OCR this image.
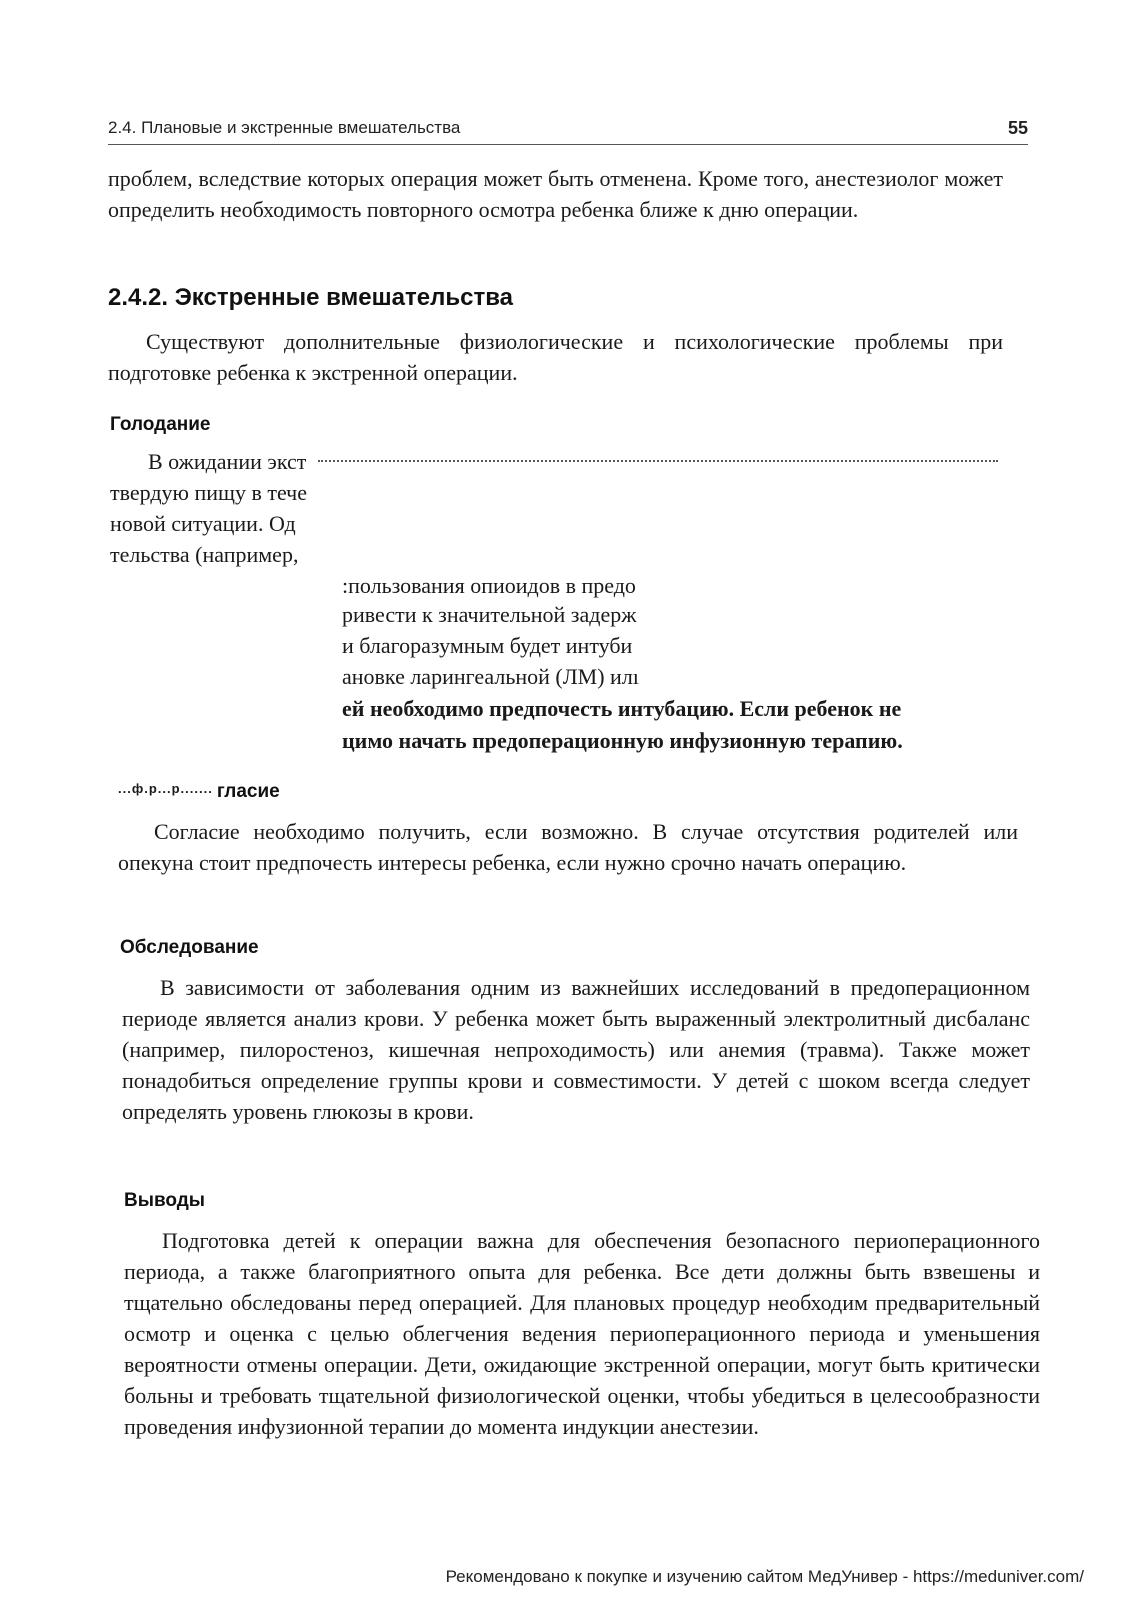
2.4. Плановые и экстренные вмешательства	55
проблем, вследствие которых операция может быть отменена. Кроме того, анестезиолог может определить необходимость повторного осмотра ребенка ближе к дню операции.
2.4.2. Экстренные вмешательства
Существуют дополнительные физиологические и психологические проблемы при подготовке ребенка к экстренной операции.
Голодание
В ожидании экст
твердую пищу в тече
новой ситуации. Од
тельства (например,
:пользования опиоидов в предо
ривести к значительной задерж
и благоразумным будет интуби
ановке ларингеальной (ЛМ) илı
ей необходимо предпочесть интубацию. Если ребенок не
цимо начать предоперационную инфузионную терапию.
$^{...ф.р...р.......}$ гласие
Согласие необходимо получить, если возможно. В случае отсутствия родителей или опекуна стоит предпочесть интересы ребенка, если нужно срочно начать операцию.
Обследование
В зависимости от заболевания одним из важнейших исследований в предоперационном периоде является анализ крови. У ребенка может быть выраженный электролитный дисбаланс (например, пилоростеноз, кишечная непроходимость) или анемия (травма). Также может понадобиться определение группы крови и совместимости. У детей с шоком всегда следует определять уровень глюкозы в крови.
Выводы
Подготовка детей к операции важна для обеспечения безопасного периоперационного периода, а также благоприятного опыта для ребенка. Все дети должны быть взвешены и тщательно обследованы перед операцией. Для плановых процедур необходим предварительный осмотр и оценка с целью облегчения ведения периоперационного периода и уменьшения вероятности отмены операции. Дети, ожидающие экстренной операции, могут быть критически больны и требовать тщательной физиологической оценки, чтобы убедиться в целесообразности проведения инфузионной терапии до момента индукции анестезии.
Рекомендовано к покупке и изучению сайтом МедУнивер - https://meduniver.com/
